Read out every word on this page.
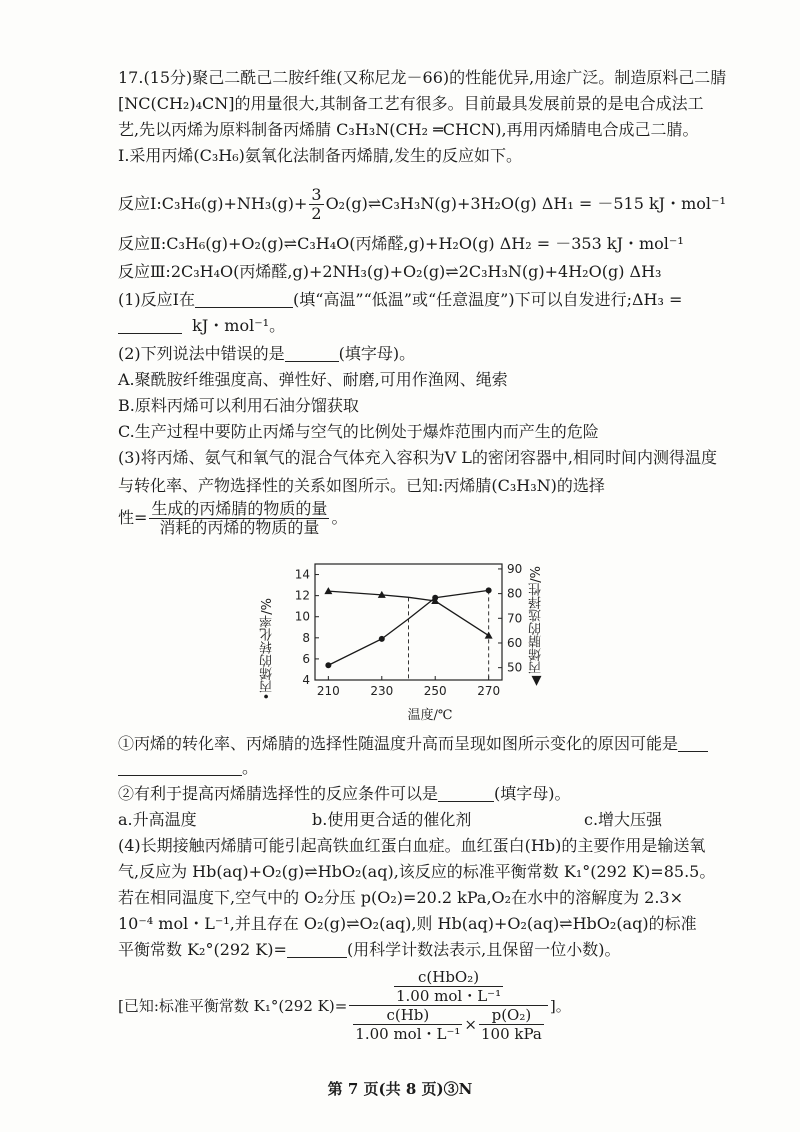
17.(15分)聚己二酰己二胺纤维(又称尼龙－66)的性能优异,用途广泛。制造原料己二腈
[NC(CH₂)₄CN]的用量很大,其制备工艺有很多。目前最具发展前景的是电合成法工
艺,先以丙烯为原料制备丙烯腈 C₃H₃N(CH₂ ═CHCN),再用丙烯腈电合成己二腈。
Ⅰ.采用丙烯(C₃H₆)氨氧化法制备丙烯腈,发生的反应如下。
反应Ⅰ:C₃H₆(g)+NH₃(g)+ $\frac{3}{2}$ O₂(g)⇌C₃H₃N(g)+3H₂O(g) ΔH₁ = －515 kJ・mol⁻¹
反应Ⅱ:C₃H₆(g)+O₂(g)⇌C₃H₄O(丙烯醛,g)+H₂O(g) ΔH₂ = －353 kJ・mol⁻¹
反应Ⅲ:2C₃H₄O(丙烯醛,g)+2NH₃(g)+O₂(g)⇌2C₃H₃N(g)+4H₂O(g) ΔH₃
(1)反应Ⅰ在	(填“高温”“低温”或“任意温度”)下可以自发进行;ΔH₃ =
kJ・mol⁻¹。
(2)下列说法中错误的是	(填字母)。
A.聚酰胺纤维强度高、弹性好、耐磨,可用作渔网、绳索
B.原料丙烯可以利用石油分馏获取
C.生产过程中要防止丙烯与空气的比例处于爆炸范围内而产生的危险
(3)将丙烯、氨气和氧气的混合气体充入容积为V L的密闭容器中,相同时间内测得温度
与转化率、产物选择性的关系如图所示。已知:丙烯腈(C₃H₃N)的选择
性= $\frac{\text{生成的丙烯腈的物质的量}}{\text{消耗的丙烯的物质的量}}$ 。
4
6
8
10
12
14
50
60
70
80
90
210	230	250	270
温度/℃
•丙烯的转化率/%	▲丙烯腈的选择性/%
①丙烯的转化率、丙烯腈的选择性随温度升高而呈现如图所示变化的原因可能是
。
②有利于提高丙烯腈选择性的反应条件可以是	(填字母)。
a.升高温度	b.使用更合适的催化剂	c.增大压强
(4)长期接触丙烯腈可能引起高铁血红蛋白血症。血红蛋白(Hb)的主要作用是输送氧
气,反应为 Hb(aq)+O₂(g)⇌HbO₂(aq),该反应的标准平衡常数 K₁°(292 K)=85.5。
若在相同温度下,空气中的 O₂分压 p(O₂)=20.2 kPa,O₂在水中的溶解度为 2.3×
10⁻⁴ mol・L⁻¹,并且存在 O₂(g)⇌O₂(aq),则 Hb(aq)+O₂(aq)⇌HbO₂(aq)的标准
平衡常数 K₂°(292 K)=	(用科学计数法表示,且保留一位小数)。
[已知:标准平衡常数 K₁°(292 $K)= \frac{\frac{\text{c(HbO₂)}}{\text{1.00 mol・L⁻¹}}}{\frac{c(Hb)}{\text{1.00 mol・L⁻¹}} \times \frac{\text{p(O₂)}}{\text{100 kPa}}}$ ]。
第 7 页(共 8 页)③N
